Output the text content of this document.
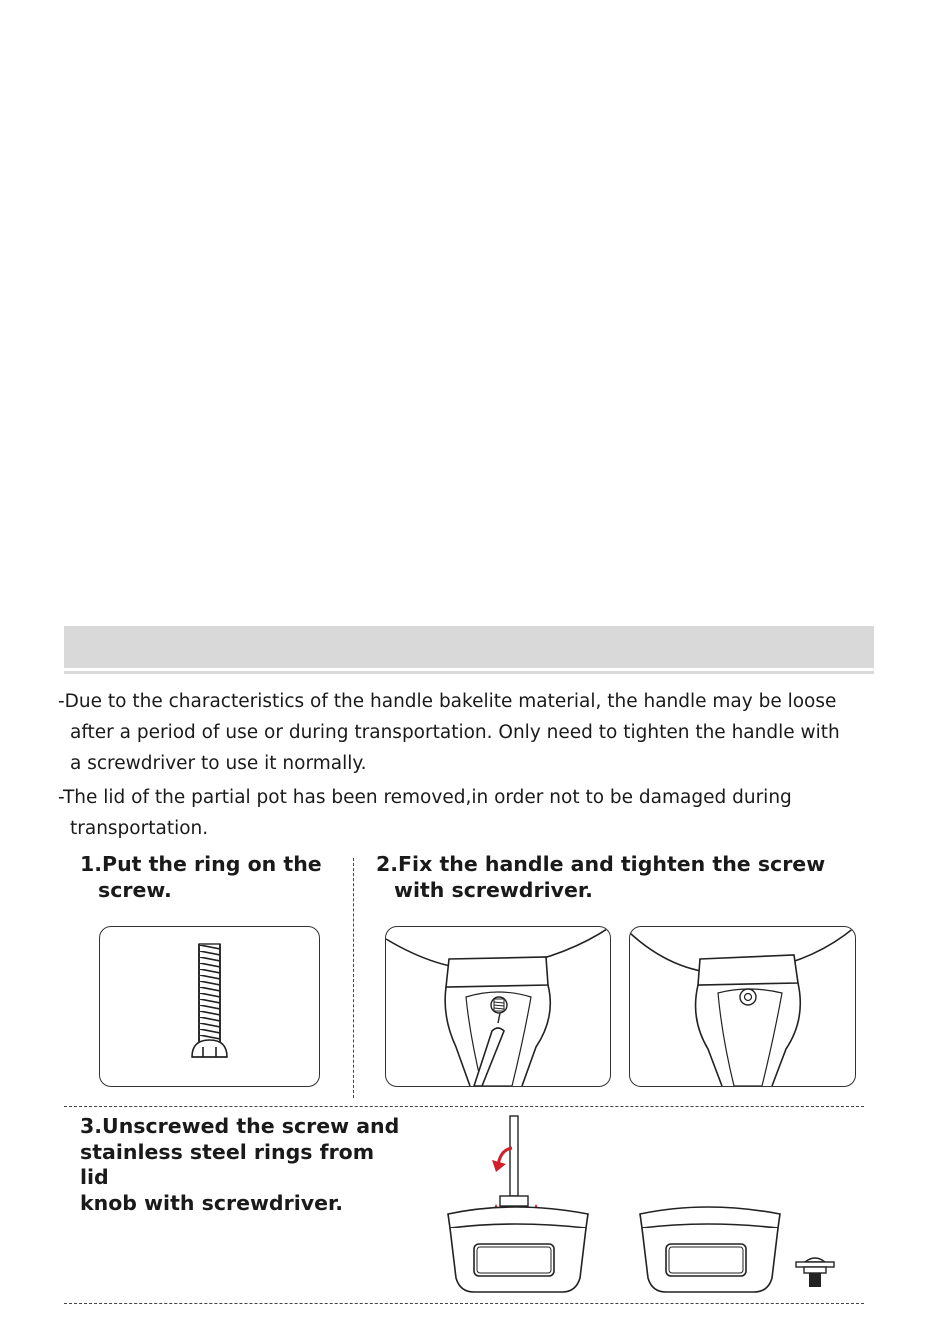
-Due to the characteristics of the handle bakelite material, the handle may be loose
after a period of use or during transportation. Only need to tighten the handle with
a screwdriver to use it normally.

-The lid of the partial pot has been removed,in order not to be damaged during
transportation.

1.Put the ring on the
screw.

2.Fix the handle and tighten the screw
with screwdriver.

3.Unscrewed the screw and
stainless steel rings from lid
knob with screwdriver.
